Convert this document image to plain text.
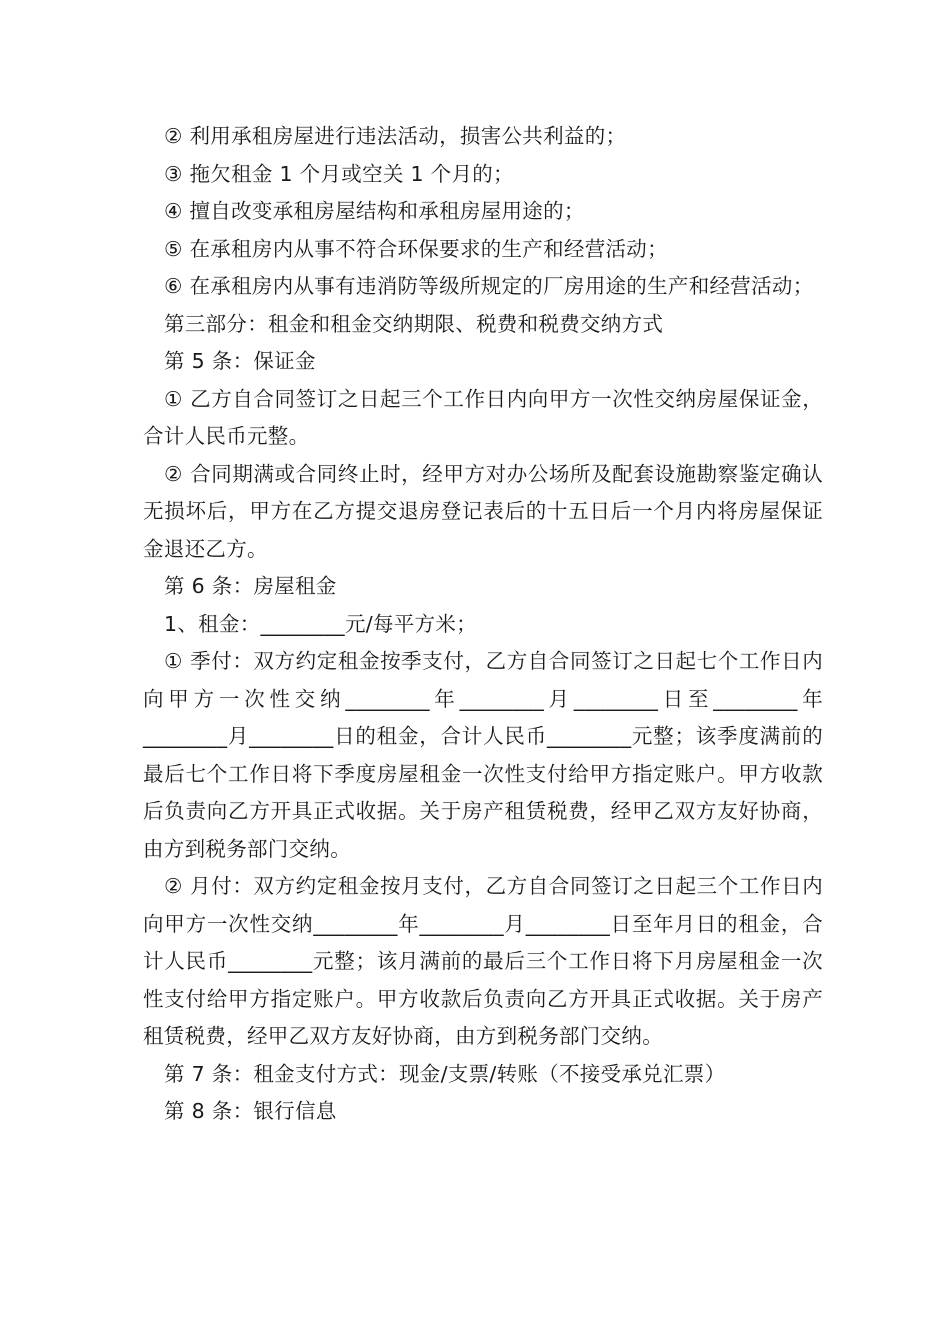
② 利用承租房屋进行违法活动，损害公共利益的；

③ 拖欠租金 1 个月或空关 1 个月的；

④ 擅自改变承租房屋结构和承租房屋用途的；

⑤ 在承租房内从事不符合环保要求的生产和经营活动；

⑥ 在承租房内从事有违消防等级所规定的厂房用途的生产和经营活动；

第三部分：租金和租金交纳期限、税费和税费交纳方式

第 5 条：保证金

① 乙方自合同签订之日起三个工作日内向甲方一次性交纳房屋保证金，合计人民币元整。

② 合同期满或合同终止时，经甲方对办公场所及配套设施勘察鉴定确认无损坏后，甲方在乙方提交退房登记表后的十五日后一个月内将房屋保证金退还乙方。

第 6 条：房屋租金

1、租金：________元/每平方米；

① 季付：双方约定租金按季支付，乙方自合同签订之日起七个工作日内向甲方一次性交纳________年________月________日至________年________月________日的租金，合计人民币________元整；该季度满前的最后七个工作日将下季度房屋租金一次性支付给甲方指定账户。甲方收款后负责向乙方开具正式收据。关于房产租赁税费，经甲乙双方友好协商，由方到税务部门交纳。

② 月付：双方约定租金按月支付，乙方自合同签订之日起三个工作日内向甲方一次性交纳________年________月________日至年月日的租金，合计人民币________元整；该月满前的最后三个工作日将下月房屋租金一次性支付给甲方指定账户。甲方收款后负责向乙方开具正式收据。关于房产租赁税费，经甲乙双方友好协商，由方到税务部门交纳。

第 7 条：租金支付方式：现金/支票/转账（不接受承兑汇票）

第 8 条：银行信息
